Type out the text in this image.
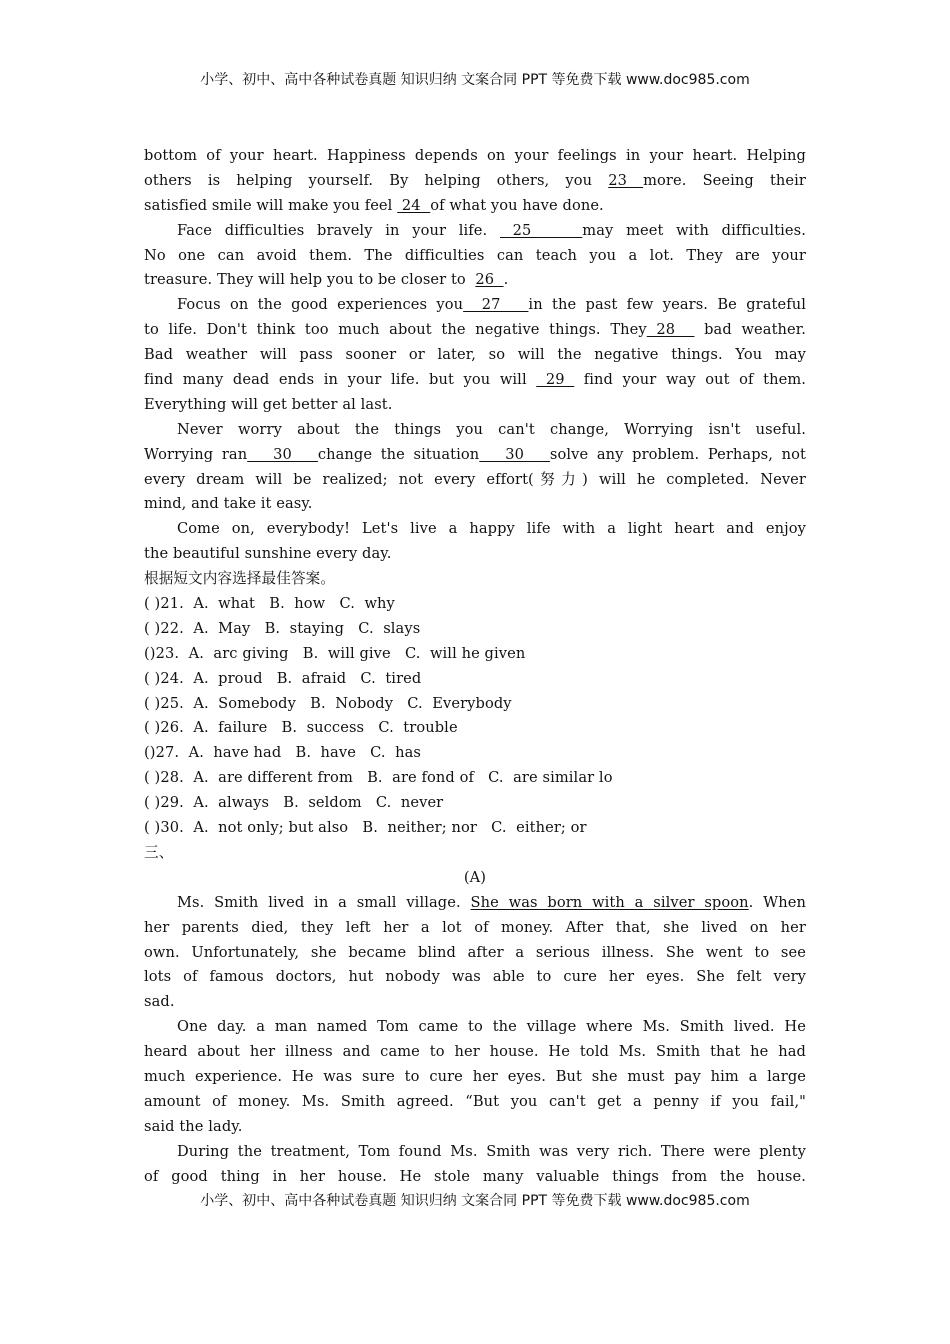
小学、初中、高中各种试卷真题 知识归纳 文案合同 PPT 等免费下载 www.doc985.com
bottom of your heart. Happiness depends on your feelings in your heart. Helping
others is helping yourself. By helping others, you 23 more. Seeing their
satisfied smile will make you feel  24  of what you have done.
Face difficulties bravely in your life.  25    may meet with difficulties.
No one can avoid them. The difficulties can teach you a lot. They are your
treasure. They will help you to be closer to  26  .
Focus on the good experiences you  27   in the past few years. Be grateful
to life. Don't think too much about the negative things. They 28   bad weather.
Bad weather will pass sooner or later, so will the negative things. You may
find many dead ends in your life. but you will  29  find your way out of them.
Everything will get better al last.
Never worry about the things you can't change, Worrying isn't useful.
Worrying ran   30   change the situation   30   solve any problem. Perhaps, not
every dream will be realized; not every effort(努力) will he completed. Never
mind, and take it easy.
Come on, everybody! Let's live a happy life with a light heart and enjoy
the beautiful sunshine every day.
根据短文内容选择最佳答案。
( )21.  A.  what   B.  how   C.  why
( )22.  A.  May   B.  staying   C.  slays
()23.  A.  arc giving   B.  will give   C.  will he given
( )24.  A.  proud   B.  afraid   C.  tired
( )25.  A.  Somebody   B.  Nobody   C.  Everybody
( )26.  A.  failure   B.  success   C.  trouble
()27.  A.  have had   B.  have   C.  has
( )28.  A.  are different from   B.  are fond of   C.  are similar lo
( )29.  A.  always   B.  seldom   C.  never
( )30.  A.  not only; but also   B.  neither; nor   C.  either; or
三、
(A)
Ms. Smith lived in a small village. She was born with a silver spoon. When
her parents died, they left her a lot of money. After that, she lived on her
own. Unfortunately, she became blind after a serious illness. She went to see
lots of famous doctors, hut nobody was able to cure her eyes. She felt very
sad.
One day. a man named Tom came to the village where Ms. Smith lived. He
heard about her illness and came to her house. He told Ms. Smith that he had
much experience. He was sure to cure her eyes. But she must pay him a large
amount of money. Ms. Smith agreed. “But you can't get a penny if you fail,"
said the lady.
During the treatment, Tom found Ms. Smith was very rich. There were plenty
of good thing in her house. He stole many valuable things from the house.
小学、初中、高中各种试卷真题 知识归纳 文案合同 PPT 等免费下载 www.doc985.com
